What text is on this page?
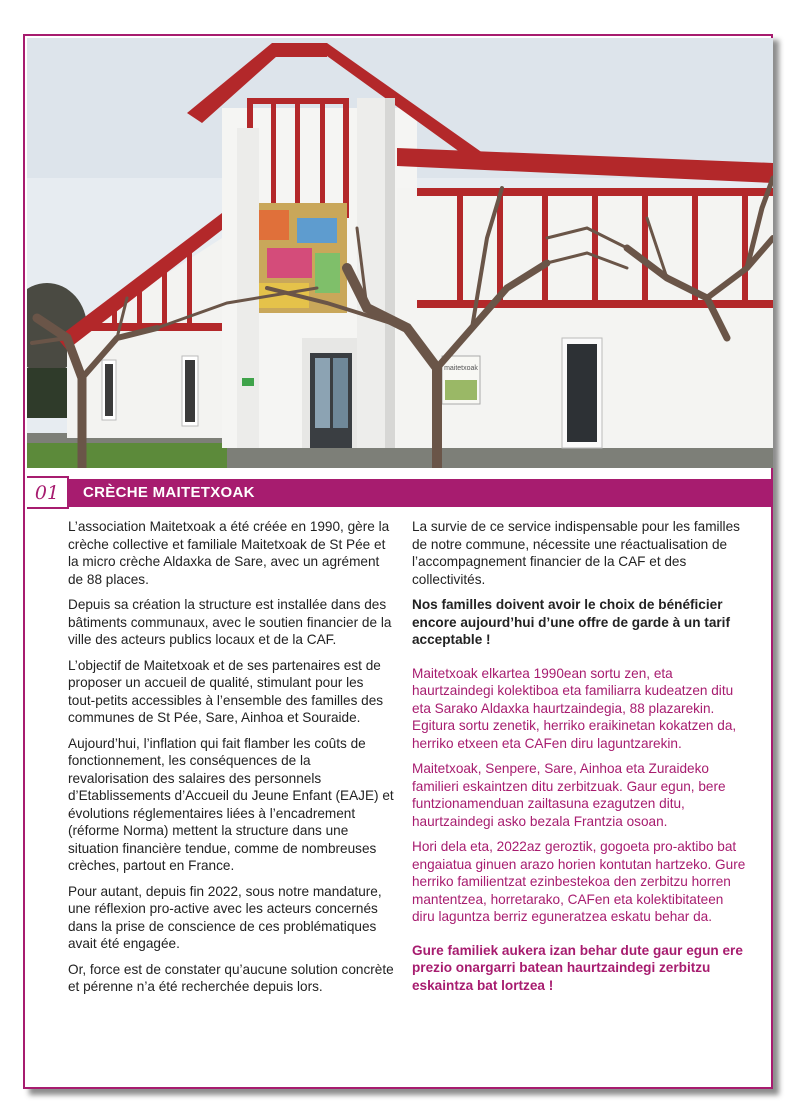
maitetxoak
01	CRÈCHE MAITETXOAK

L’association Maitetxoak a été créée en 1990, gère la crèche collective et familiale Maitetxoak de St Pée et la micro crèche Aldaxka de Sare, avec un agrément de 88 places.

Depuis sa création la structure est installée dans des bâtiments communaux, avec le soutien financier de la ville des acteurs publics locaux et de la CAF.

L’objectif de Maitetxoak et de ses partenaires est de proposer un accueil de qualité, stimulant pour les tout-petits accessibles à l’ensemble des familles des communes de St Pée, Sare, Ainhoa et Souraide.

Aujourd’hui, l’inflation qui fait flamber les coûts de fonctionnement, les conséquences de la revalorisation des salaires des personnels d’Etablissements d’Accueil du Jeune Enfant (EAJE) et évolutions réglementaires liées à l’encadrement (réforme Norma) mettent la structure dans une situation financière tendue, comme de nombreuses crèches, partout en France.

Pour autant, depuis fin 2022, sous notre mandature, une réflexion pro-active avec les acteurs concernés dans la prise de conscience de ces problématiques avait été engagée.

Or, force est de constater qu’aucune solution concrète et pérenne n’a été recherchée depuis lors.

La survie de ce service indispensable pour les familles de notre commune, nécessite une réactualisation de l’accompagnement financier de la CAF et des collectivités.

Nos familles doivent avoir le choix de bénéficier encore aujourd’hui d’une offre de garde à un tarif acceptable !

Maitetxoak elkartea 1990ean sortu zen, eta haurtzaindegi kolektiboa eta familiarra kudeatzen ditu eta Sarako Aldaxka haurtzaindegia, 88 plazarekin. Egitura sortu zenetik, herriko eraikinetan kokatzen da, herriko etxeen eta CAFen diru laguntzarekin.

Maitetxoak, Senpere, Sare, Ainhoa eta Zuraideko familieri eskaintzen ditu zerbitzuak. Gaur egun, bere funtzionamenduan zailtasuna ezagutzen ditu, haurtzaindegi asko bezala Frantzia osoan.

Hori dela eta, 2022az geroztik, gogoeta pro-aktibo bat engaiatua ginuen arazo horien kontutan hartzeko. Gure herriko familientzat ezinbestekoa den zerbitzu horren mantentzea, horretarako, CAFen eta kolektibitateen diru laguntza berriz eguneratzea eskatu behar da.

Gure familiek aukera izan behar dute gaur egun ere prezio onargarri batean haurtzaindegi zerbitzu eskaintza bat lortzea !
